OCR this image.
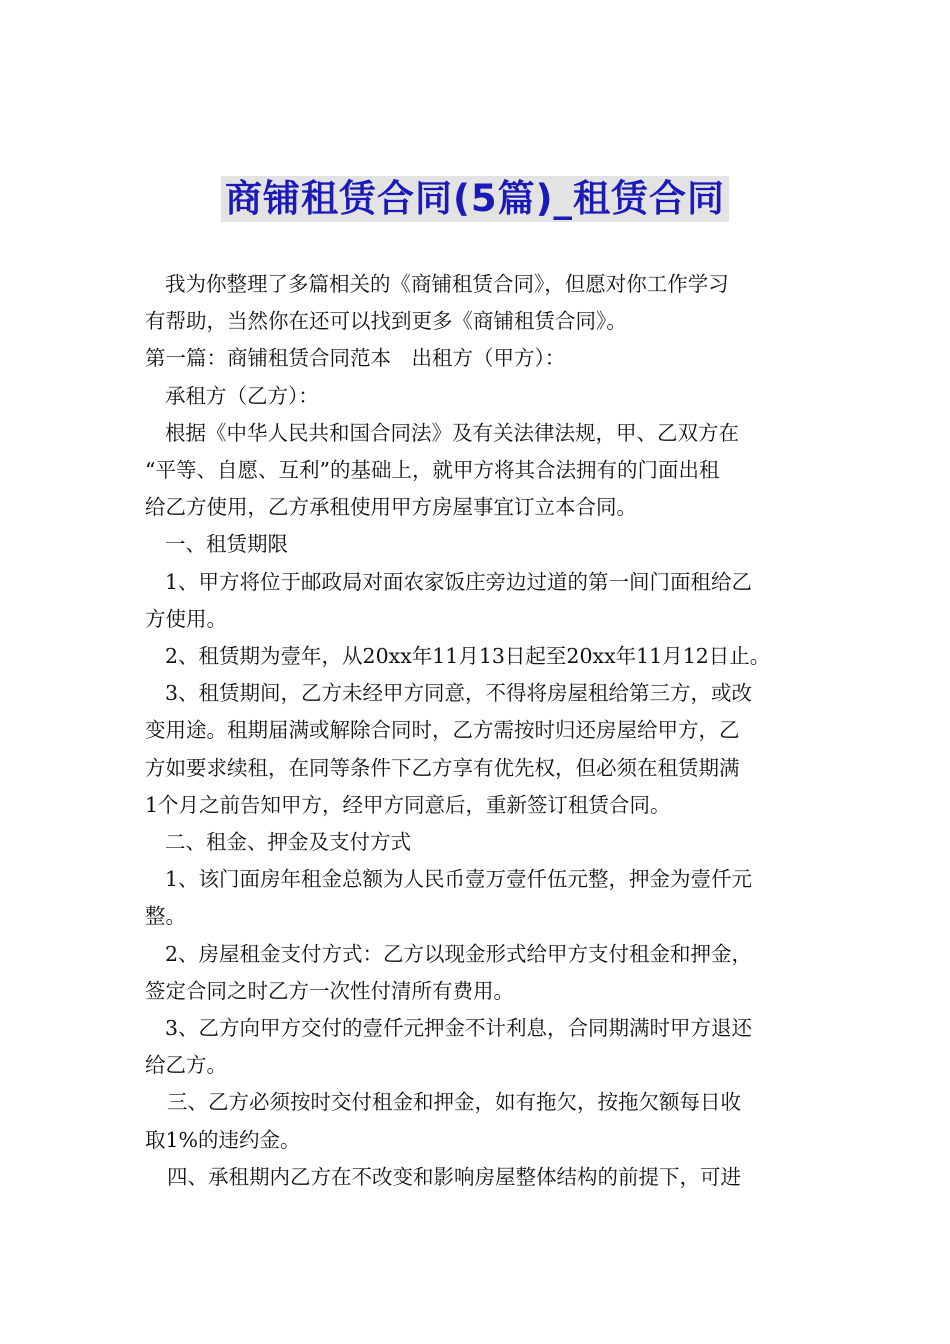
商铺租赁合同(5篇)_租赁合同

我为你整理了多篇相关的《商铺租赁合同》，但愿对你工作学习

有帮助，当然你在还可以找到更多《商铺租赁合同》。

第一篇：商铺租赁合同范本　出租方（甲方）：

承租方（乙方）：

根据《中华人民共和国合同法》及有关法律法规，甲、乙双方在

“平等、自愿、互利”的基础上，就甲方将其合法拥有的门面出租

给乙方使用，乙方承租使用甲方房屋事宜订立本合同。

一、租赁期限

1、甲方将位于邮政局对面农家饭庄旁边过道的第一间门面租给乙

方使用。

2、租赁期为壹年，从20xx年11月13日起至20xx年11月12日止。

3、租赁期间，乙方未经甲方同意，不得将房屋租给第三方，或改

变用途。租期届满或解除合同时，乙方需按时归还房屋给甲方，乙

方如要求续租，在同等条件下乙方享有优先权，但必须在租赁期满

1个月之前告知甲方，经甲方同意后，重新签订租赁合同。

二、租金、押金及支付方式

1、该门面房年租金总额为人民币壹万壹仟伍元整，押金为壹仟元

整。

2、房屋租金支付方式：乙方以现金形式给甲方支付租金和押金，

签定合同之时乙方一次性付清所有费用。

3、乙方向甲方交付的壹仟元押金不计利息，合同期满时甲方退还

给乙方。

三、乙方必须按时交付租金和押金，如有拖欠，按拖欠额每日收

取1%的违约金。

四、承租期内乙方在不改变和影响房屋整体结构的前提下，可进
